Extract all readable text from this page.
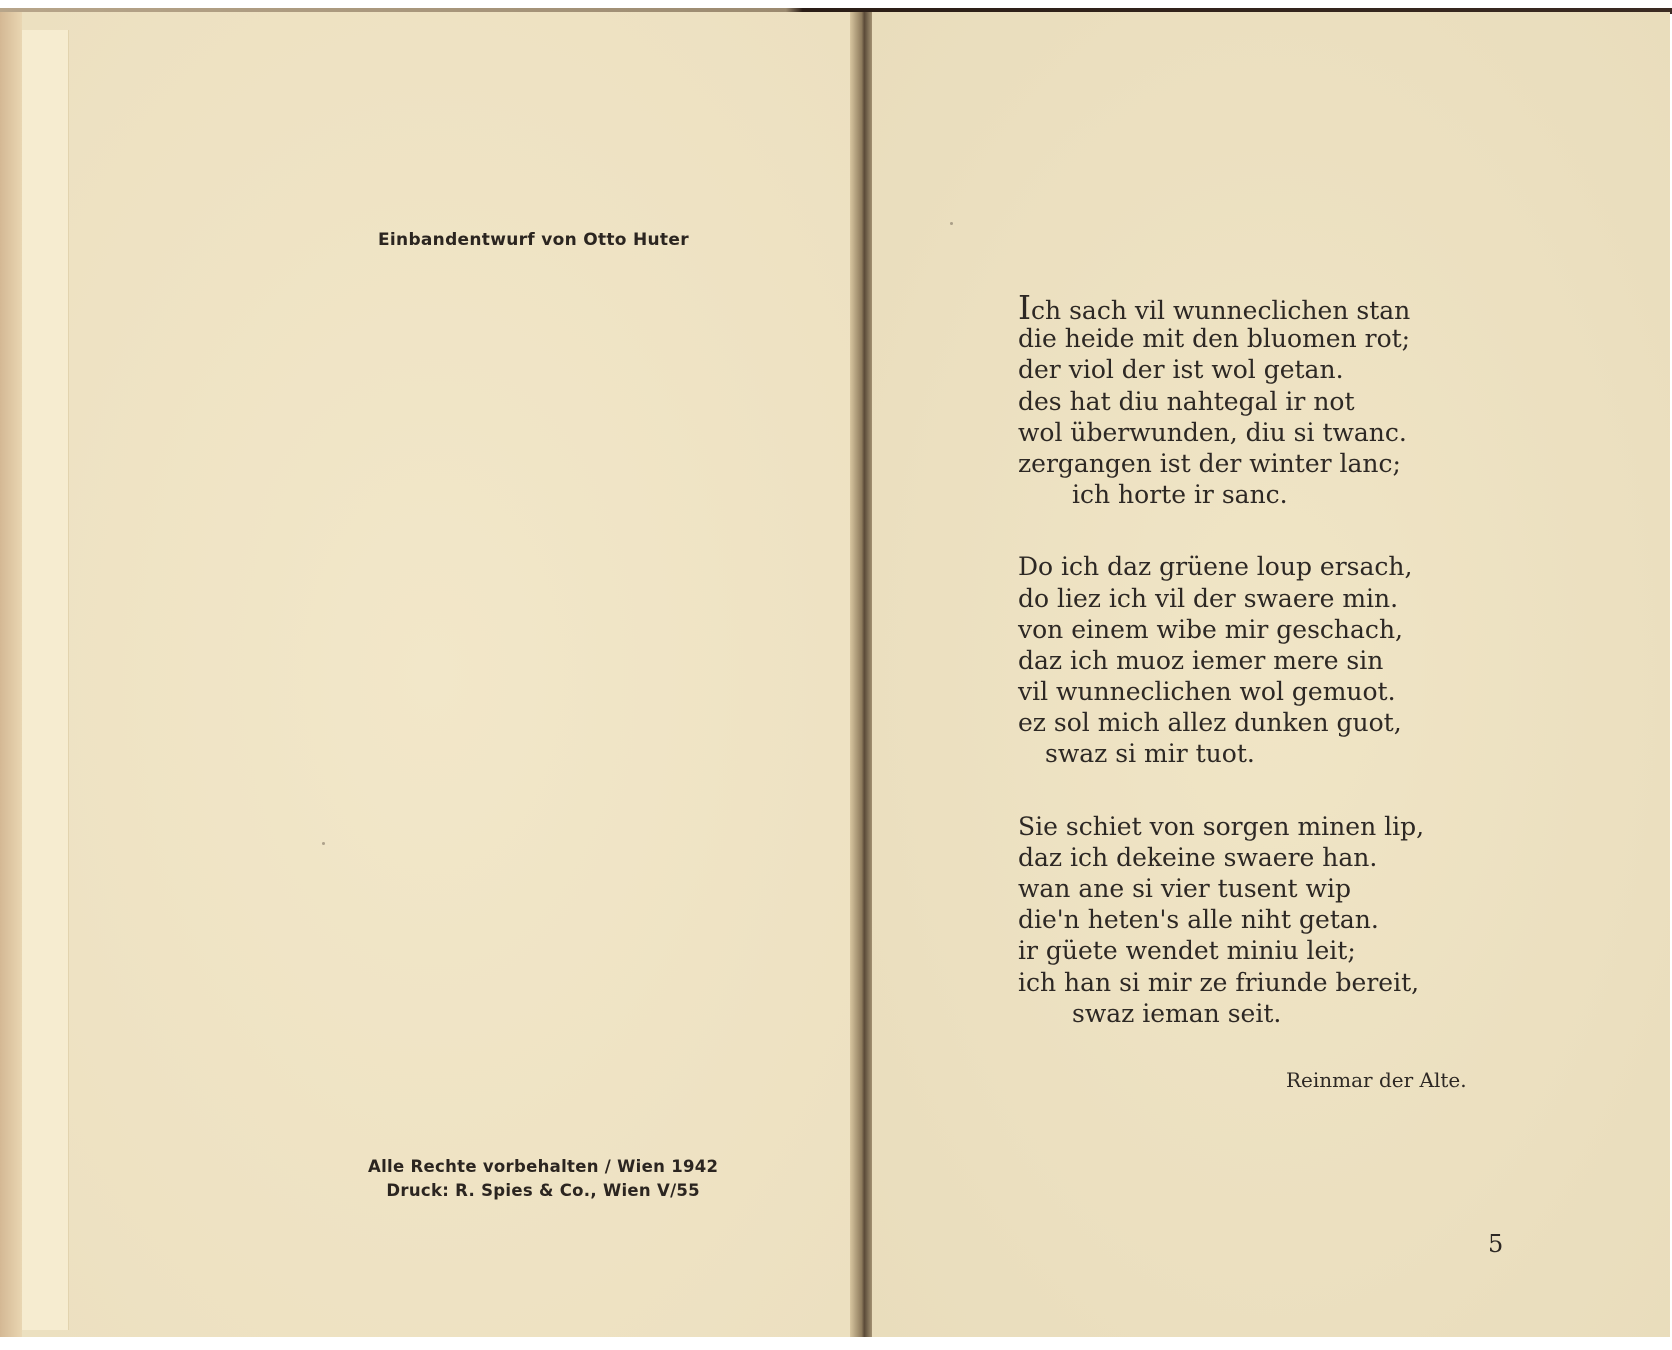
Einbandentwurf von Otto Huter
Alle Rechte vorbehalten / Wien 1942
Druck: R. Spies & Co., Wien V/55
Ich sach vil wunneclichen stan
die heide mit den bluomen rot;
der viol der ist wol getan.
des hat diu nahtegal ir not
wol überwunden, diu si twanc.
zergangen ist der winter lanc;
ich horte ir sanc.
Do ich daz grüene loup ersach,
do liez ich vil der swaere min.
von einem wibe mir geschach,
daz ich muoz iemer mere sin
vil wunneclichen wol gemuot.
ez sol mich allez dunken guot,
swaz si mir tuot.
Sie schiet von sorgen minen lip,
daz ich dekeine swaere han.
wan ane si vier tusent wip
die'n heten's alle niht getan.
ir güete wendet miniu leit;
ich han si mir ze friunde bereit,
swaz ieman seit.
Reinmar der Alte.
5
